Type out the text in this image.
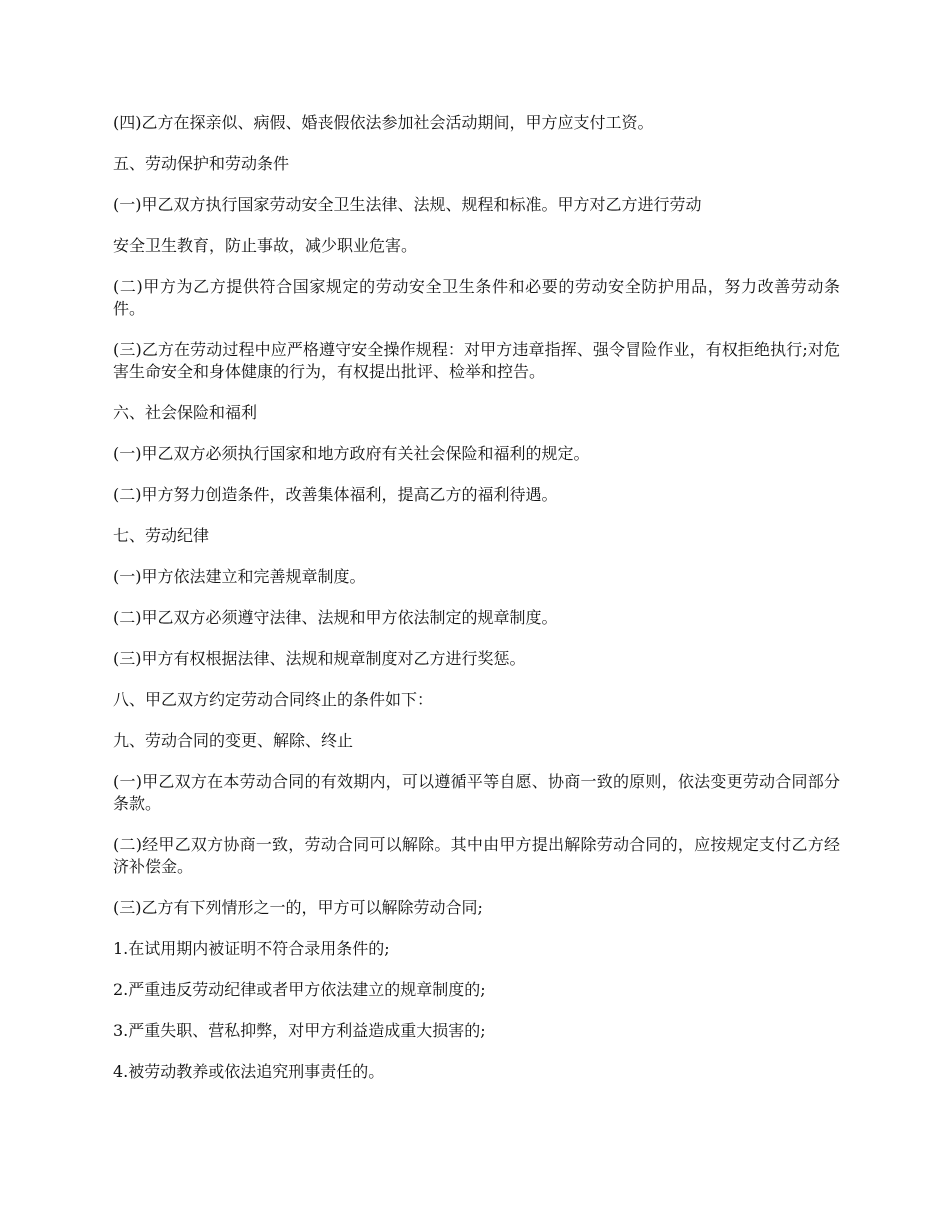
(四)乙方在探亲似、病假、婚丧假依法参加社会活动期间，甲方应支付工资。

五、劳动保护和劳动条件

(一)甲乙双方执行国家劳动安全卫生法律、法规、规程和标准。甲方对乙方进行劳动

安全卫生教育，防止事故，减少职业危害。

(二)甲方为乙方提供符合国家规定的劳动安全卫生条件和必要的劳动安全防护用品，努力改善劳动条件。

(三)乙方在劳动过程中应严格遵守安全操作规程：对甲方违章指挥、强令冒险作业，有权拒绝执行;对危害生命安全和身体健康的行为，有权提出批评、检举和控告。

六、社会保险和福利

(一)甲乙双方必须执行国家和地方政府有关社会保险和福利的规定。

(二)甲方努力创造条件，改善集体福利，提高乙方的福利待遇。

七、劳动纪律

(一)甲方依法建立和完善规章制度。

(二)甲乙双方必须遵守法律、法规和甲方依法制定的规章制度。

(三)甲方有权根据法律、法规和规章制度对乙方进行奖惩。

八、甲乙双方约定劳动合同终止的条件如下：

九、劳动合同的变更、解除、终止

(一)甲乙双方在本劳动合同的有效期内，可以遵循平等自愿、协商一致的原则，依法变更劳动合同部分条款。

(二)经甲乙双方协商一致，劳动合同可以解除。其中由甲方提出解除劳动合同的，应按规定支付乙方经济补偿金。

(三)乙方有下列情形之一的，甲方可以解除劳动合同;

1.在试用期内被证明不符合录用条件的;

2.严重违反劳动纪律或者甲方依法建立的规章制度的;

3.严重失职、营私抑弊，对甲方利益造成重大损害的;

4.被劳动教养或依法追究刑事责任的。
